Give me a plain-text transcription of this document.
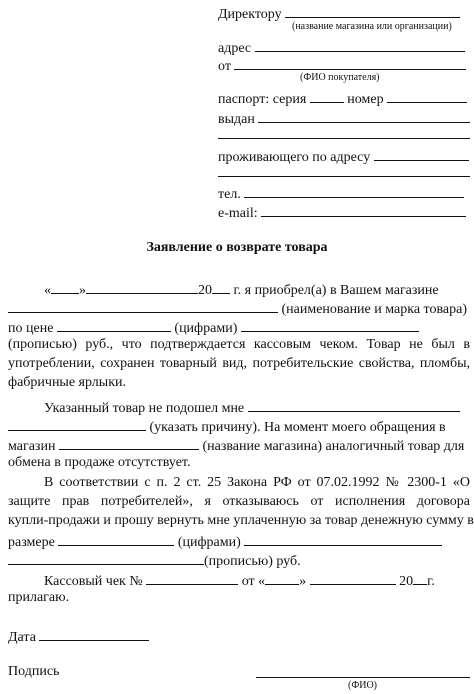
Директору
(название магазина или организации)
адрес
от
(ФИО покупателя)
паспорт: серия	номер
выдан
проживающего по адресу
тел.
e-mail:
Заявление о возврате товара
« »	20 г. я приобрел(а) в Вашем магазине
(наименование и марка товара)
по цене	(цифрами)
(прописью) руб., что подтверждается кассовым чеком. Товар не был в
употреблении, сохранен товарный вид, потребительские свойства, пломбы,
фабричные ярлыки.
Указанный товар не подошел мне
(указать причину). На момент моего обращения в
магазин	(название магазина) аналогичный товар для
обмена в продаже отсутствует.
В соответствии с п. 2 ст. 25 Закона РФ от 07.02.1992 № 2300-1 «О
защите прав потребителей», я отказываюсь от исполнения договора
купли-продажи и прошу вернуть мне уплаченную за товар денежную сумму в
размере	(цифрами)
(прописью) руб.
Кассовый чек №	от « »	20 г.
прилагаю.
Дата
Подпись
(ФИО)
